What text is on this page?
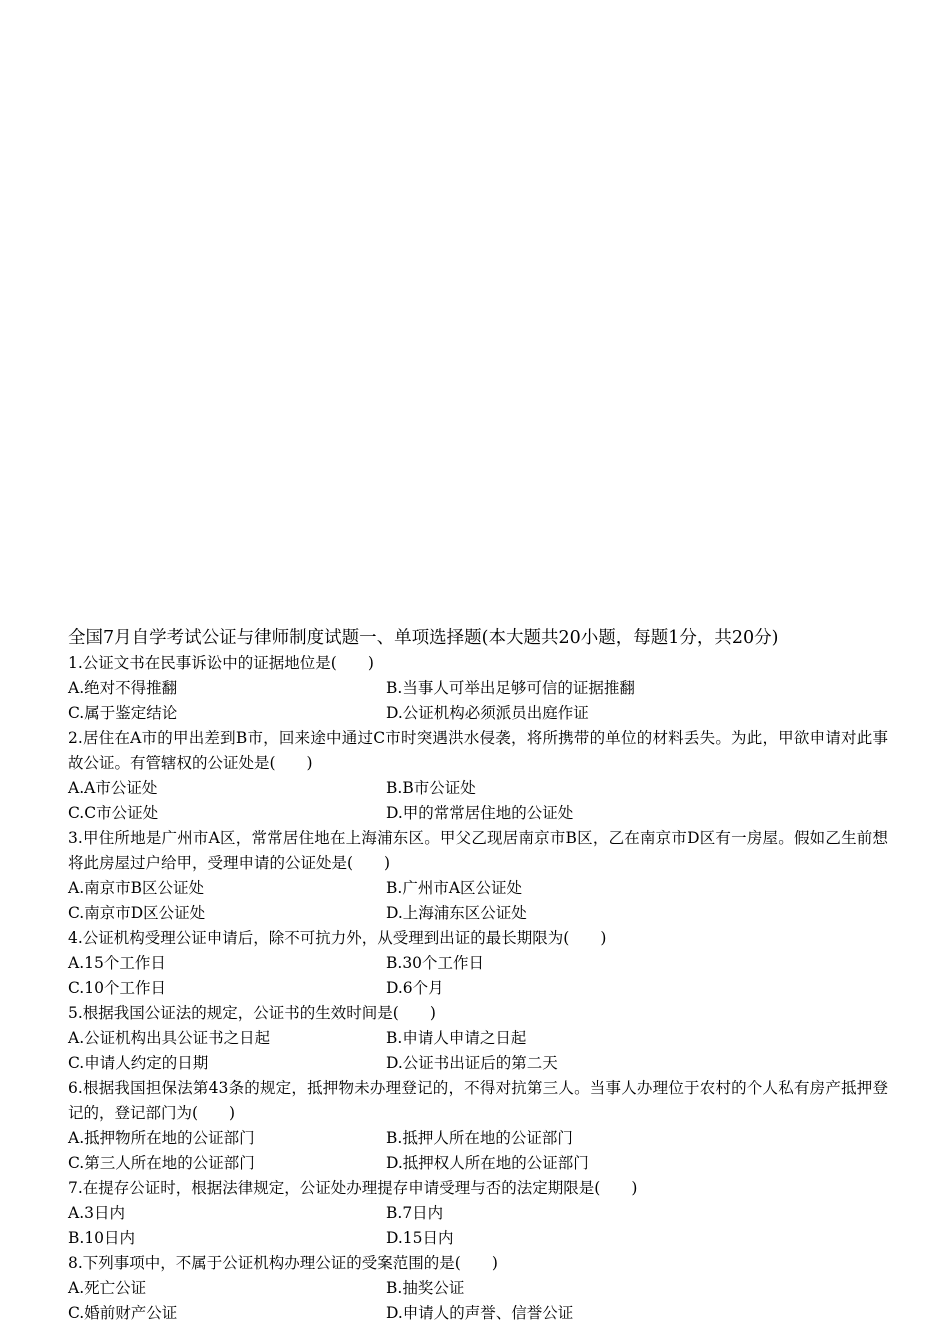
全国7月自学考试公证与律师制度试题一、单项选择题(本大题共20小题，每题1分，共20分)
1.公证文书在民事诉讼中的证据地位是(　　)
A.绝对不得推翻	B.当事人可举出足够可信的证据推翻
C.属于鉴定结论	D.公证机构必须派员出庭作证
2.居住在A市的甲出差到B市，回来途中通过C市时突遇洪水侵袭，将所携带的单位的材料丢失。为此，甲欲申请对此事故公证。有管辖权的公证处是(　　)
A.A市公证处	B.B市公证处
C.C市公证处	D.甲的常常居住地的公证处
3.甲住所地是广州市A区，常常居住地在上海浦东区。甲父乙现居南京市B区，乙在南京市D区有一房屋。假如乙生前想将此房屋过户给甲，受理申请的公证处是(　　)
A.南京市B区公证处	B.广州市A区公证处
C.南京市D区公证处	D.上海浦东区公证处
4.公证机构受理公证申请后，除不可抗力外，从受理到出证的最长期限为(　　)
A.15个工作日	B.30个工作日
C.10个工作日	D.6个月
5.根据我国公证法的规定，公证书的生效时间是(　　)
A.公证机构出具公证书之日起	B.申请人申请之日起
C.申请人约定的日期	D.公证书出证后的第二天
6.根据我国担保法第43条的规定，抵押物未办理登记的，不得对抗第三人。当事人办理位于农村的个人私有房产抵押登记的，登记部门为(　　)
A.抵押物所在地的公证部门	B.抵押人所在地的公证部门
C.第三人所在地的公证部门	D.抵押权人所在地的公证部门
7.在提存公证时，根据法律规定，公证处办理提存申请受理与否的法定期限是(　　)
A.3日内	B.7日内
B.10日内	D.15日内
8.下列事项中，不属于公证机构办理公证的受案范围的是(　　)
A.死亡公证	B.抽奖公证
C.婚前财产公证	D.申请人的声誉、信誉公证
